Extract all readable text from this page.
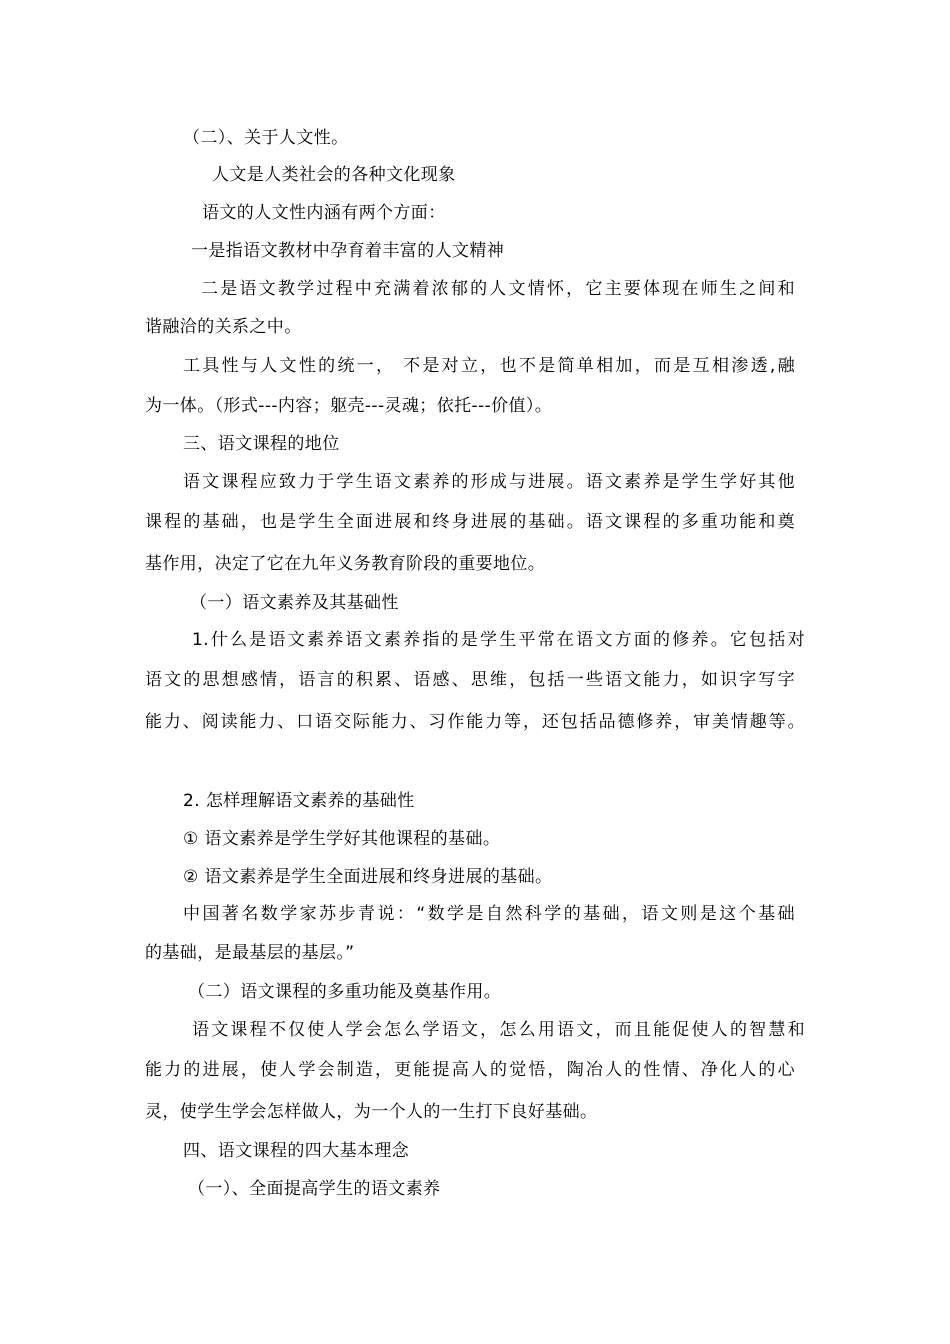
（二）、关于人文性。
人文是人类社会的各种文化现象
语文的人文性内涵有两个方面：
一是指语文教材中孕育着丰富的人文精神
二是语文教学过程中充满着浓郁的人文情怀，它主要体现在师生之间和
谐融洽的关系之中。
工具性与人文性的统一， 不是对立，也不是简单相加，而是互相渗透,融
为一体。（形式---内容；躯壳---灵魂；依托---价值）。
三、语文课程的地位
语文课程应致力于学生语文素养的形成与进展。语文素养是学生学好其他
课程的基础，也是学生全面进展和终身进展的基础。语文课程的多重功能和奠
基作用，决定了它在九年义务教育阶段的重要地位。
（一）语文素养及其基础性
1.什么是语文素养语文素养指的是学生平常在语文方面的修养。它包括对
语文的思想感情，语言的积累、语感、思维，包括一些语文能力，如识字写字
能力、阅读能力、口语交际能力、习作能力等，还包括品德修养，审美情趣等。
2. 怎样理解语文素养的基础性
① 语文素养是学生学好其他课程的基础。
② 语文素养是学生全面进展和终身进展的基础。
中国著名数学家苏步青说：“数学是自然科学的基础，语文则是这个基础
的基础，是最基层的基层。”
（二）语文课程的多重功能及奠基作用。
语文课程不仅使人学会怎么学语文，怎么用语文，而且能促使人的智慧和
能力的进展，使人学会制造，更能提高人的觉悟，陶冶人的性情、净化人的心
灵，使学生学会怎样做人，为一个人的一生打下良好基础。
四、语文课程的四大基本理念
（一）、全面提高学生的语文素养
